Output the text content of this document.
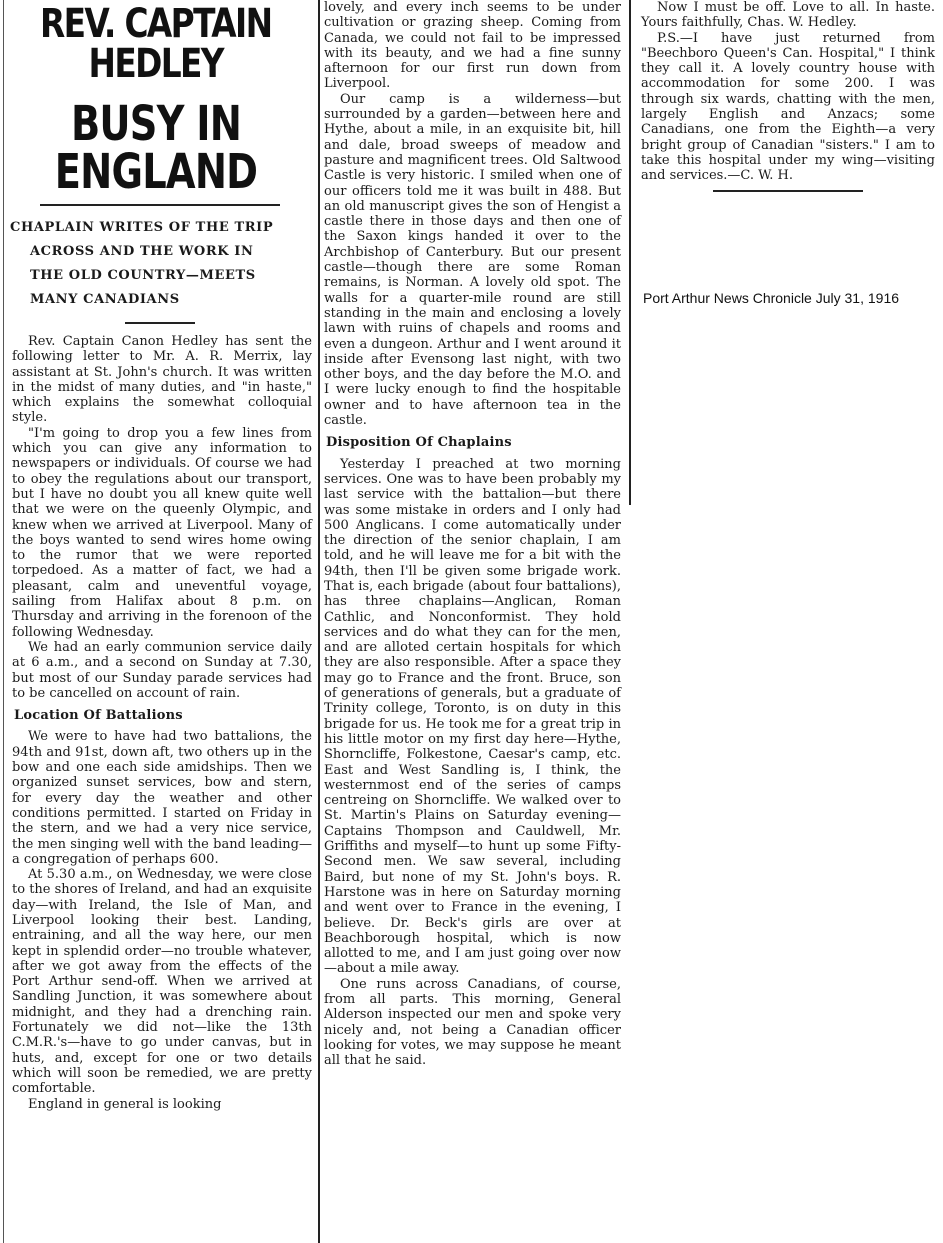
REV. CAPTAIN HEDLEY
BUSY IN ENGLAND

CHAPLAIN WRITES OF THE TRIP

ACROSS AND THE WORK IN

THE OLD COUNTRY—MEETS

MANY CANADIANS

Rev. Captain Canon Hedley has sent the following letter to Mr. A. R. Merrix, lay assistant at St. John's church. It was written in the midst of many duties, and "in haste," which explains the somewhat colloquial style.

"I'm going to drop you a few lines from which you can give any information to newspapers or individuals. Of course we had to obey the regulations about our transport, but I have no doubt you all knew quite well that we were on the queenly Olympic, and knew when we arrived at Liverpool. Many of the boys wanted to send wires home owing to the rumor that we were reported torpedoed. As a matter of fact, we had a pleasant, calm and uneventful voyage, sailing from Halifax about 8 p.m. on Thursday and arriving in the forenoon of the following Wednesday.

We had an early communion service daily at 6 a.m., and a second on Sunday at 7.30, but most of our Sunday parade services had to be cancelled on account of rain.

Location Of Battalions

We were to have had two battalions, the 94th and 91st, down aft, two others up in the bow and one each side amidships. Then we organized sunset services, bow and stern, for every day the weather and other conditions permitted. I started on Friday in the stern, and we had a very nice service, the men singing well with the band leading—a congregation of perhaps 600.

At 5.30 a.m., on Wednesday, we were close to the shores of Ireland, and had an exquisite day—with Ireland, the Isle of Man, and Liverpool looking their best. Landing, entraining, and all the way here, our men kept in splendid order—no trouble whatever, after we got away from the effects of the Port Arthur send-off. When we arrived at Sandling Junction, it was somewhere about midnight, and they had a drenching rain. Fortunately we did not—like the 13th C.M.R.'s—have to go under canvas, but in huts, and, except for one or two details which will soon be remedied, we are pretty comfortable.

England in general is looking

lovely, and every inch seems to be under cultivation or grazing sheep. Coming from Canada, we could not fail to be impressed with its beauty, and we had a fine sunny afternoon for our first run down from Liverpool.

Our camp is a wilderness—but surrounded by a garden—between here and Hythe, about a mile, in an exquisite bit, hill and dale, broad sweeps of meadow and pasture and magnificent trees. Old Saltwood Castle is very historic. I smiled when one of our officers told me it was built in 488. But an old manuscript gives the son of Hengist a castle there in those days and then one of the Saxon kings handed it over to the Archbishop of Canterbury. But our present castle—though there are some Roman remains, is Norman. A lovely old spot. The walls for a quarter-mile round are still standing in the main and enclosing a lovely lawn with ruins of chapels and rooms and even a dungeon. Arthur and I went around it inside after Evensong last night, with two other boys, and the day before the M.O. and I were lucky enough to find the hospitable owner and to have afternoon tea in the castle.

Disposition Of Chaplains

Yesterday I preached at two morning services. One was to have been probably my last service with the battalion—but there was some mistake in orders and I only had 500 Anglicans. I come automatically under the direction of the senior chaplain, I am told, and he will leave me for a bit with the 94th, then I'll be given some brigade work. That is, each brigade (about four battalions), has three chaplains—Anglican, Roman Cathlic, and Nonconformist. They hold services and do what they can for the men, and are alloted certain hospitals for which they are also responsible. After a space they may go to France and the front. Bruce, son of generations of generals, but a graduate of Trinity college, Toronto, is on duty in this brigade for us. He took me for a great trip in his little motor on my first day here—Hythe, Shorncliffe, Folkestone, Caesar's camp, etc. East and West Sandling is, I think, the westernmost end of the series of camps centreing on Shorncliffe. We walked over to St. Martin's Plains on Saturday evening—Captains Thompson and Cauldwell, Mr. Griffiths and myself—to hunt up some Fifty-Second men. We saw several, including Baird, but none of my St. John's boys. R. Harstone was in here on Saturday morning and went over to France in the evening, I believe. Dr. Beck's girls are over at Beachborough hospital, which is now allotted to me, and I am just going over now—about a mile away.

One runs across Canadians, of course, from all parts. This morning, General Alderson inspected our men and spoke very nicely and, not being a Canadian officer looking for votes, we may suppose he meant all that he said.

Now I must be off. Love to all. In haste. Yours faithfully, Chas. W. Hedley.

P.S.—I have just returned from "Beechboro Queen's Can. Hospital," I think they call it. A lovely country house with accommodation for some 200. I was through six wards, chatting with the men, largely English and Anzacs; some Canadians, one from the Eighth—a very bright group of Canadian "sisters." I am to take this hospital under my wing—visiting and services.—C. W. H.

Port Arthur News Chronicle July 31, 1916
